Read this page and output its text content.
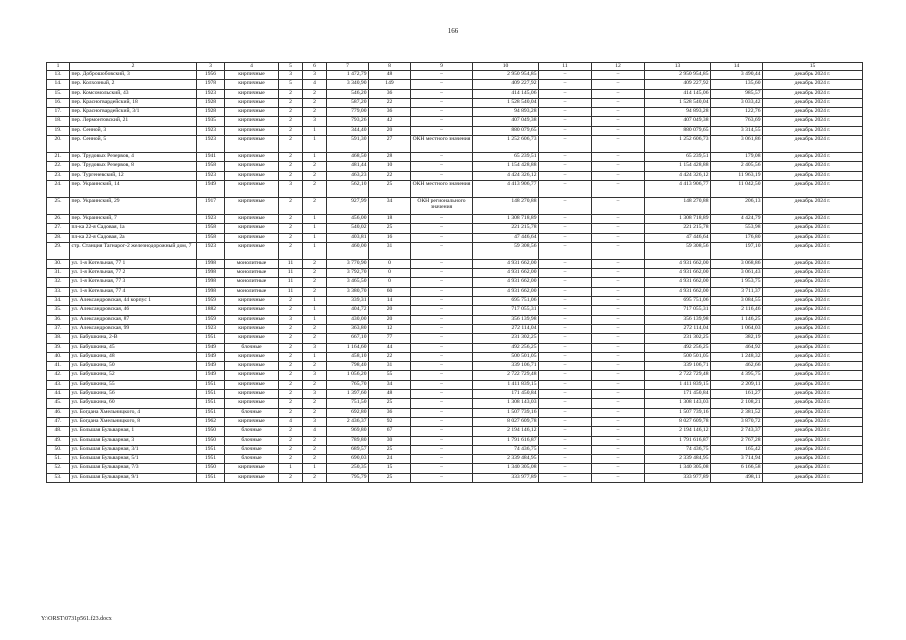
166
1	2	3	4	5	6	7	8	9	10	11	12	13	14	15
13.	пер. Доброшобовский, 3	1956	кирпичные	3	3	1 472,79	48	–	2 950 954,85	–	–	2 950 954,85	3 490,44	декабрь 2024 г.
14.	пер. Колхозный, 2	1978	кирпичные	5	4	3 340,90	149	–	409 227,92	–	–	409 227,92	135,60	декабрь 2024 г.
15.	пер. Комсомольский, 43	1923	кирпичные	2	2	546,20	36	–	414 145,06	–	–	414 145,06	985,57	декабрь 2024 г.
16.	пер. Красногвардейский, 18	1928	кирпичные	2	2	587,20	22	–	1 528 540,04	–	–	1 528 540,04	3 033,42	декабрь 2024 г.
17.	пер. Красногвардейский, 3/1	1928	кирпичные	2	2	779,00	36	–	94 893,28	–	–	94 893,28	122,76	декабрь 2024 г.
18.	пер. Лермонтовский, 21	1935	кирпичные	2	3	793,26	42	–	407 049,38	–	–	407 049,38	763,69	декабрь 2024 г.
19.	пер. Сенной, 3	1923	кирпичные	2	1	344,40	20	–	880 079,65	–	–	880 079,65	3 314,55	декабрь 2024 г.
20.	пер. Сенной, 5	1923	кирпичные	2	1	591,30	27	ОКН местного значения	1 252 606,73	–	–	1 252 606,73	3 061,86	декабрь 2024 г.
21.	пер. Трудовых Резервов, 4	1941	кирпичные	2	1	468,50	28	–	65 239,51	–	–	65 239,51	179,08	декабрь 2024 г.
22.	пер. Трудовых Резервов, 8	1958	кирпичные	2	2	481,44	10	–	1 154 428,88	–	–	1 154 428,88	2 405,56	декабрь 2024 г.
23.	пер. Тургеневский, 12	1923	кирпичные	2	2	463,23	22	–	4 424 326,12	–	–	4 424 326,12	11 963,19	декабрь 2024 г.
24.	пер. Украинский, 14	1949	кирпичные	3	2	562,10	25	ОКН местного значения	4 413 906,77	–	–	4 413 906,77	11 042,50	декабрь 2024 г.
25.	пер. Украинский, 29	1917	кирпичные	2	2	927,99	34	ОКН регионального значения	148 270,88	–	–	148 270,88	206,13	декабрь 2024 г.
26.	пер. Украинский, 7	1923	кирпичные	2	1	456,00	18	–	1 308 718,89	–	–	1 308 718,89	4 424,79	декабрь 2024 г.
27.	пл-ка 22-я Садовая, 1а	1958	кирпичные	2	1	540,02	25	–	221 215,78	–	–	221 215,78	553,98	декабрь 2024 г.
28.	пл-ка 22-я Садовая, 2а	1958	кирпичные	2	1	403,81	16	–	47 446,64	–	–	47 446,64	176,80	декабрь 2024 г.
29.	стр. Станция Тагнарог-2 железнодорожный дом, 7	1923	кирпичные	2	1	460,00	31	–	59 308,56	–	–	59 308,56	197,10	декабрь 2024 г.
30.	ул. 1-я Котельная, 77 1	1998	монолитные	11	2	3 770,90	0	–	4 931 662,00	–	–	4 931 662,00	3 068,86	декабрь 2024 г.
31.	ул. 1-я Котельная, 77 2	1998	монолитные	11	2	3 792,70	0	–	4 931 662,00	–	–	4 931 662,00	3 061,43	декабрь 2024 г.
32.	ул. 1-я Котельная, 77 3	1998	монолитные	11	2	3 465,50	0	–	4 931 662,00	–	–	4 931 662,00	1 953,75	декабрь 2024 г.
33.	ул. 1-я Котельная, 77 4	1998	монолитные	11	2	3 380,70	60	–	4 931 662,00	–	–	4 931 662,00	3 711,37	декабрь 2024 г.
34.	ул. Александровская, 44 корпус 1	1959	кирпичные	2	1	339,31	14	–	695 751,06	–	–	695 751,06	3 084,55	декабрь 2024 г.
35.	ул. Александровская, 46	1882	кирпичные	2	1	404,72	20	–	717 055,31	–	–	717 055,31	2 116,46	декабрь 2024 г.
36.	ул. Александровская, 87	1959	кирпичные	3	1	430,00	20	–	356 139,98	–	–	356 139,98	1 146,25	декабрь 2024 г.
37.	ул. Александровская, 99	1923	кирпичные	2	2	363,80	12	–	272 114,04	–	–	272 114,04	1 064,03	декабрь 2024 г.
38.	ул. Бабушкина, 2-В	1951	кирпичные	2	2	667,10	77	–	231 302,25	–	–	231 302,25	382,19	декабрь 2024 г.
39.	ул. Бабушкина, 45	1949	блочные	2	3	1 164,60	44	–	492 256,25	–	–	492 256,25	464,92	декабрь 2024 г.
40.	ул. Бабушкина, 48	1949	кирпичные	2	1	458,10	22	–	500 501,05	–	–	500 501,05	1 248,32	декабрь 2024 г.
41.	ул. Бабушкина, 50	1949	кирпичные	2	2	798,40	31	–	339 106,71	–	–	339 106,71	462,66	декабрь 2024 г.
42.	ул. Бабушкина, 52	1949	кирпичные	2	3	1 056,20	55	–	2 722 729,48	–	–	2 722 729,48	4 395,75	декабрь 2024 г.
43.	ул. Бабушкина, 55	1951	кирпичные	2	2	765,70	34	–	1 411 839,15	–	–	1 411 839,15	2 209,11	декабрь 2024 г.
44.	ул. Бабушкина, 56	1951	кирпичные	2	3	1 397,60	48	–	171 450,84	–	–	171 450,84	161,27	декабрь 2024 г.
45.	ул. Бабушкина, 60	1951	кирпичные	2	2	751,50	25	–	1 308 143,03	–	–	1 308 143,03	2 108,21	декабрь 2024 г.
46.	ул. Богдана Хмельницкого, 4	1951	блочные	2	2	692,80	36	–	1 507 739,16	–	–	1 507 739,16	2 381,52	декабрь 2024 г.
47.	ул. Богдана Хмельницкого, 8	1962	кирпичные	4	3	2 436,37	92	–	8 027 609,78	–	–	8 027 609,78	3 870,72	декабрь 2024 г.
48.	ул. Большая Бульварная, 1	1950	блочные	2	4	969,80	67	–	2 194 146,12	–	–	2 194 146,12	2 743,37	декабрь 2024 г.
49.	ул. Большая Бульварная, 3	1950	блочные	2	2	789,80	30	–	1 791 616,87	–	–	1 791 616,87	2 767,28	декабрь 2024 г.
50.	ул. Большая Бульварная, 3/1	1951	блочные	2	2	689,57	25	–	74 436,75	–	–	74 436,75	165,42	декабрь 2024 г.
51.	ул. Большая Бульварная, 5/1	1951	блочные	2	2	690,03	24	–	2 339 484,95	–	–	2 339 484,95	3 714,94	декабрь 2024 г.
52.	ул. Большая Бульварная, 7/3	1950	кирпичные	1	1	250,35	15	–	1 340 305,08	–	–	1 340 305,08	6 166,58	декабрь 2024 г.
53.	ул. Большая Бульварная, 9/1	1951	кирпичные	2	2	795,79	25	–	333 977,89	–	–	333 977,89	498,11	декабрь 2024 г.
Y:\ORST\0731p561.f23.docx
